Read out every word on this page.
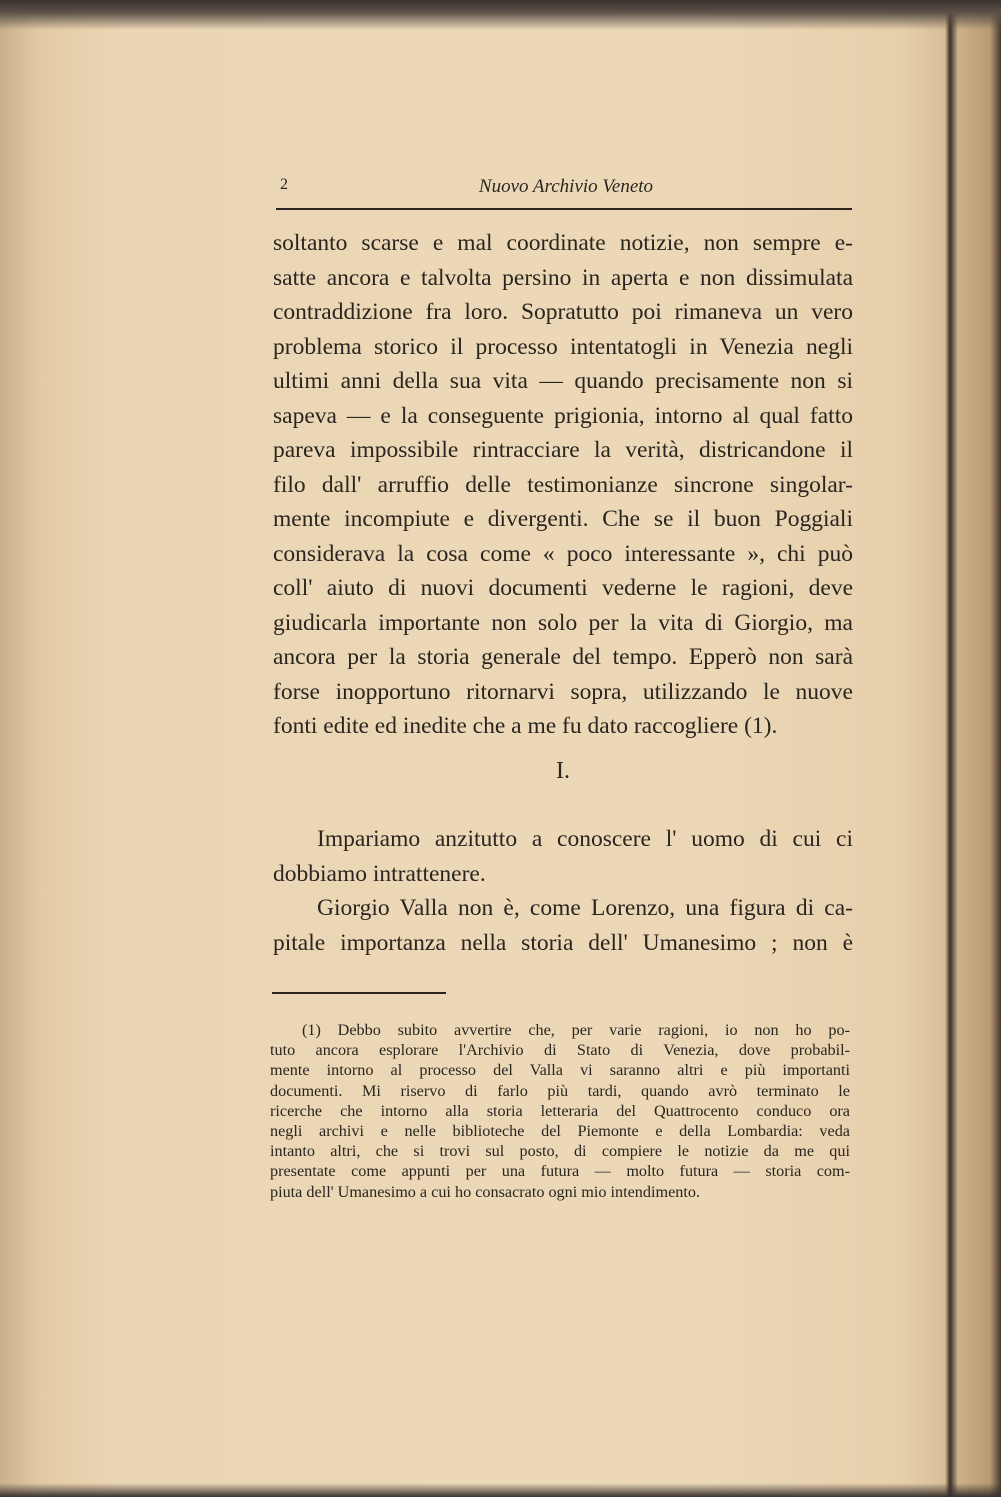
2	Nuovo Archivio Veneto
soltanto scarse e mal coordinate notizie, non sempre e-
satte ancora e talvolta persino in aperta e non dissimulata
contraddizione fra loro. Sopratutto poi rimaneva un vero
problema storico il processo intentatogli in Venezia negli
ultimi anni della sua vita — quando precisamente non si
sapeva — e la conseguente prigionia, intorno al qual fatto
pareva impossibile rintracciare la verità, districandone il
filo dall' arruffio delle testimonianze sincrone singolar-
mente incompiute e divergenti. Che se il buon Poggiali
considerava la cosa come « poco interessante », chi può
coll' aiuto di nuovi documenti vederne le ragioni, deve
giudicarla importante non solo per la vita di Giorgio, ma
ancora per la storia generale del tempo. Epperò non sarà
forse inopportuno ritornarvi sopra, utilizzando le nuove
fonti edite ed inedite che a me fu dato raccogliere (1).
I.
Impariamo anzitutto a conoscere l' uomo di cui ci
dobbiamo intrattenere.
Giorgio Valla non è, come Lorenzo, una figura di ca-
pitale importanza nella storia dell' Umanesimo ; non è
(1) Debbo subito avvertire che, per varie ragioni, io non ho po-
tuto ancora esplorare l'Archivio di Stato di Venezia, dove probabil-
mente intorno al processo del Valla vi saranno altri e più importanti
documenti. Mi riservo di farlo più tardi, quando avrò terminato le
ricerche che intorno alla storia letteraria del Quattrocento conduco ora
negli archivi e nelle biblioteche del Piemonte e della Lombardia: veda
intanto altri, che si trovi sul posto, di compiere le notizie da me qui
presentate come appunti per una futura — molto futura — storia com-
piuta dell' Umanesimo a cui ho consacrato ogni mio intendimento.
